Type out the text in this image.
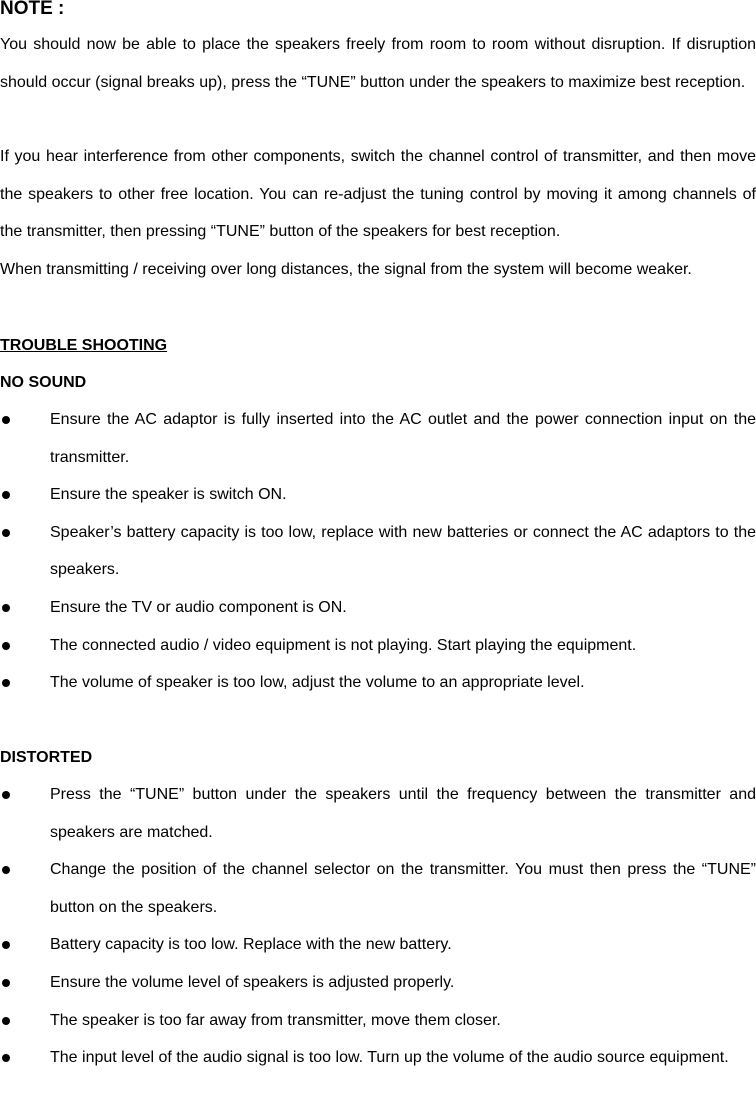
NOTE :

You should now be able to place the speakers freely from room to room without disruption. If disruption should occur (signal breaks up), press the “TUNE” button under the speakers to maximize best reception.

If you hear interference from other components, switch the channel control of transmitter, and then move the speakers to other free location. You can re-adjust the tuning control by moving it among channels of the transmitter, then pressing “TUNE” button of the speakers for best reception.

When transmitting / receiving over long distances, the signal from the system will become weaker.

TROUBLE SHOOTING
NO SOUND
Ensure the AC adaptor is fully inserted into the AC outlet and the power connection input on the transmitter.
Ensure the speaker is switch ON.
Speaker’s battery capacity is too low, replace with new batteries or connect the AC adaptors to the speakers.
Ensure the TV or audio component is ON.
The connected audio / video equipment is not playing. Start playing the equipment.
The volume of speaker is too low, adjust the volume to an appropriate level.
DISTORTED
Press the “TUNE” button under the speakers until the frequency between the transmitter and speakers are matched.
Change the position of the channel selector on the transmitter. You must then press the “TUNE” button on the speakers.
Battery capacity is too low. Replace with the new battery.
Ensure the volume level of speakers is adjusted properly.
The speaker is too far away from transmitter, move them closer.
The input level of the audio signal is too low. Turn up the volume of the audio source equipment.
